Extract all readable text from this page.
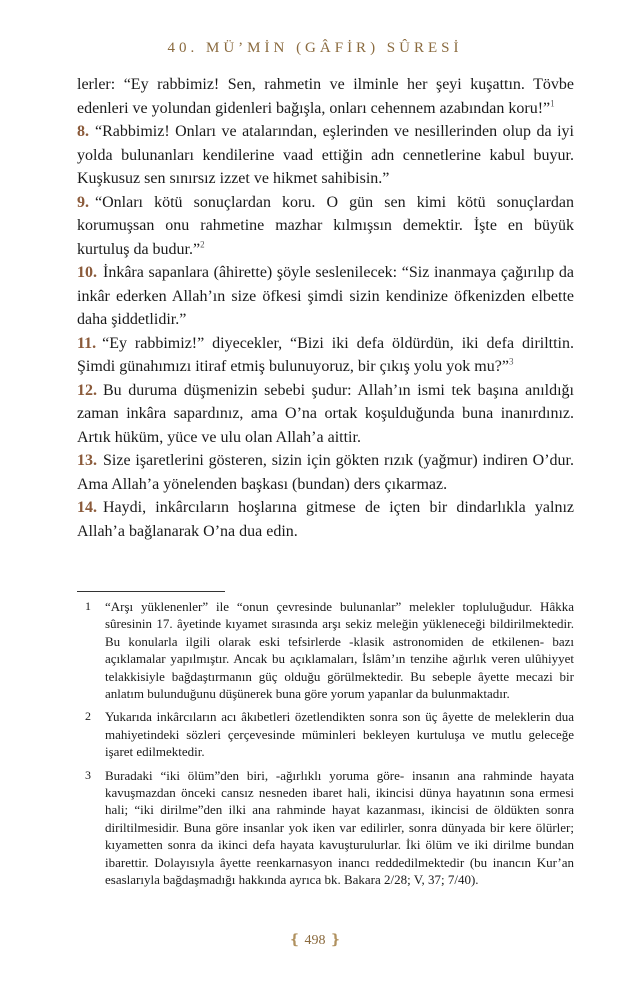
40. MÜ’MİN (GÂFİR) SÛRESİ

lerler: “Ey rabbimiz! Sen, rahmetin ve ilminle her şeyi kuşattın. Tövbe edenleri ve yolundan gidenleri bağışla, onları cehennem azabından koru!”$^1$

8. “Rabbimiz! Onları ve atalarından, eşlerinden ve nesillerinden olup da iyi yolda bulunanları kendilerine vaad ettiğin adn cennetlerine kabul buyur. Kuşkusuz sen sınırsız izzet ve hikmet sahibisin.”

9. “Onları kötü sonuçlardan koru. O gün sen kimi kötü sonuçlardan korumuşsan onu rahmetine mazhar kılmışsın demektir. İşte en büyük kurtuluş da budur.”$^2$

10. İnkâra sapanlara (âhirette) şöyle seslenilecek: “Siz inanmaya çağırılıp da inkâr ederken Allah’ın size öfkesi şimdi sizin kendinize öfkenizden elbette daha şiddetlidir.”

11. “Ey rabbimiz!” diyecekler, “Bizi iki defa öldürdün, iki defa dirilttin. Şimdi günahımızı itiraf etmiş bulunuyoruz, bir çıkış yolu yok mu?”$^3$

12. Bu duruma düşmenizin sebebi şudur: Allah’ın ismi tek başına anıldığı zaman inkâra sapardınız, ama O’na ortak koşulduğunda buna inanırdınız. Artık hüküm, yüce ve ulu olan Allah’a aittir.

13. Size işaretlerini gösteren, sizin için gökten rızık (yağmur) indiren O’dur. Ama Allah’a yönelenden başkası (bundan) ders çıkarmaz.

14. Haydi, inkârcıların hoşlarına gitmese de içten bir dindarlıkla yalnız Allah’a bağlanarak O’na dua edin.

1 “Arşı yüklenenler” ile “onun çevresinde bulunanlar” melekler topluluğudur. Hâkka sûresinin 17. âyetinde kıyamet sırasında arşı sekiz meleğin yükleneceği bildirilmektedir. Bu konularla ilgili olarak eski tefsirlerde -klasik astronomiden de etkilenen- bazı açıklamalar yapılmıştır. Ancak bu açıklamaları, İslâm’ın tenzihe ağırlık veren ulûhiyyet telakkisiyle bağdaştırmanın güç olduğu görülmektedir. Bu sebeple âyette mecazi bir anlatım bulunduğunu düşünerek buna göre yorum yapanlar da bulunmaktadır.
2 Yukarıda inkârcıların acı âkıbetleri özetlendikten sonra son üç âyette de meleklerin dua mahiyetindeki sözleri çerçevesinde müminleri bekleyen kurtuluşa ve mutlu geleceğe işaret edilmektedir.
3 Buradaki “iki ölüm”den biri, -ağırlıklı yoruma göre- insanın ana rahminde hayata kavuşmazdan önceki cansız nesneden ibaret hali, ikincisi dünya hayatının sona ermesi hali; “iki dirilme”den ilki ana rahminde hayat kazanması, ikincisi de öldükten sonra diriltilmesidir. Buna göre insanlar yok iken var edilirler, sonra dünyada bir kere ölürler; kıyametten sonra da ikinci defa hayata kavuşturulurlar. İki ölüm ve iki dirilme bundan ibarettir. Dolayısıyla âyette reenkarnasyon inancı reddedilmektedir (bu inancın Kur’an esaslarıyla bağdaşmadığı hakkında ayrıca bk. Bakara 2/28; V, 37; 7/40).
❴ 498 ❵
